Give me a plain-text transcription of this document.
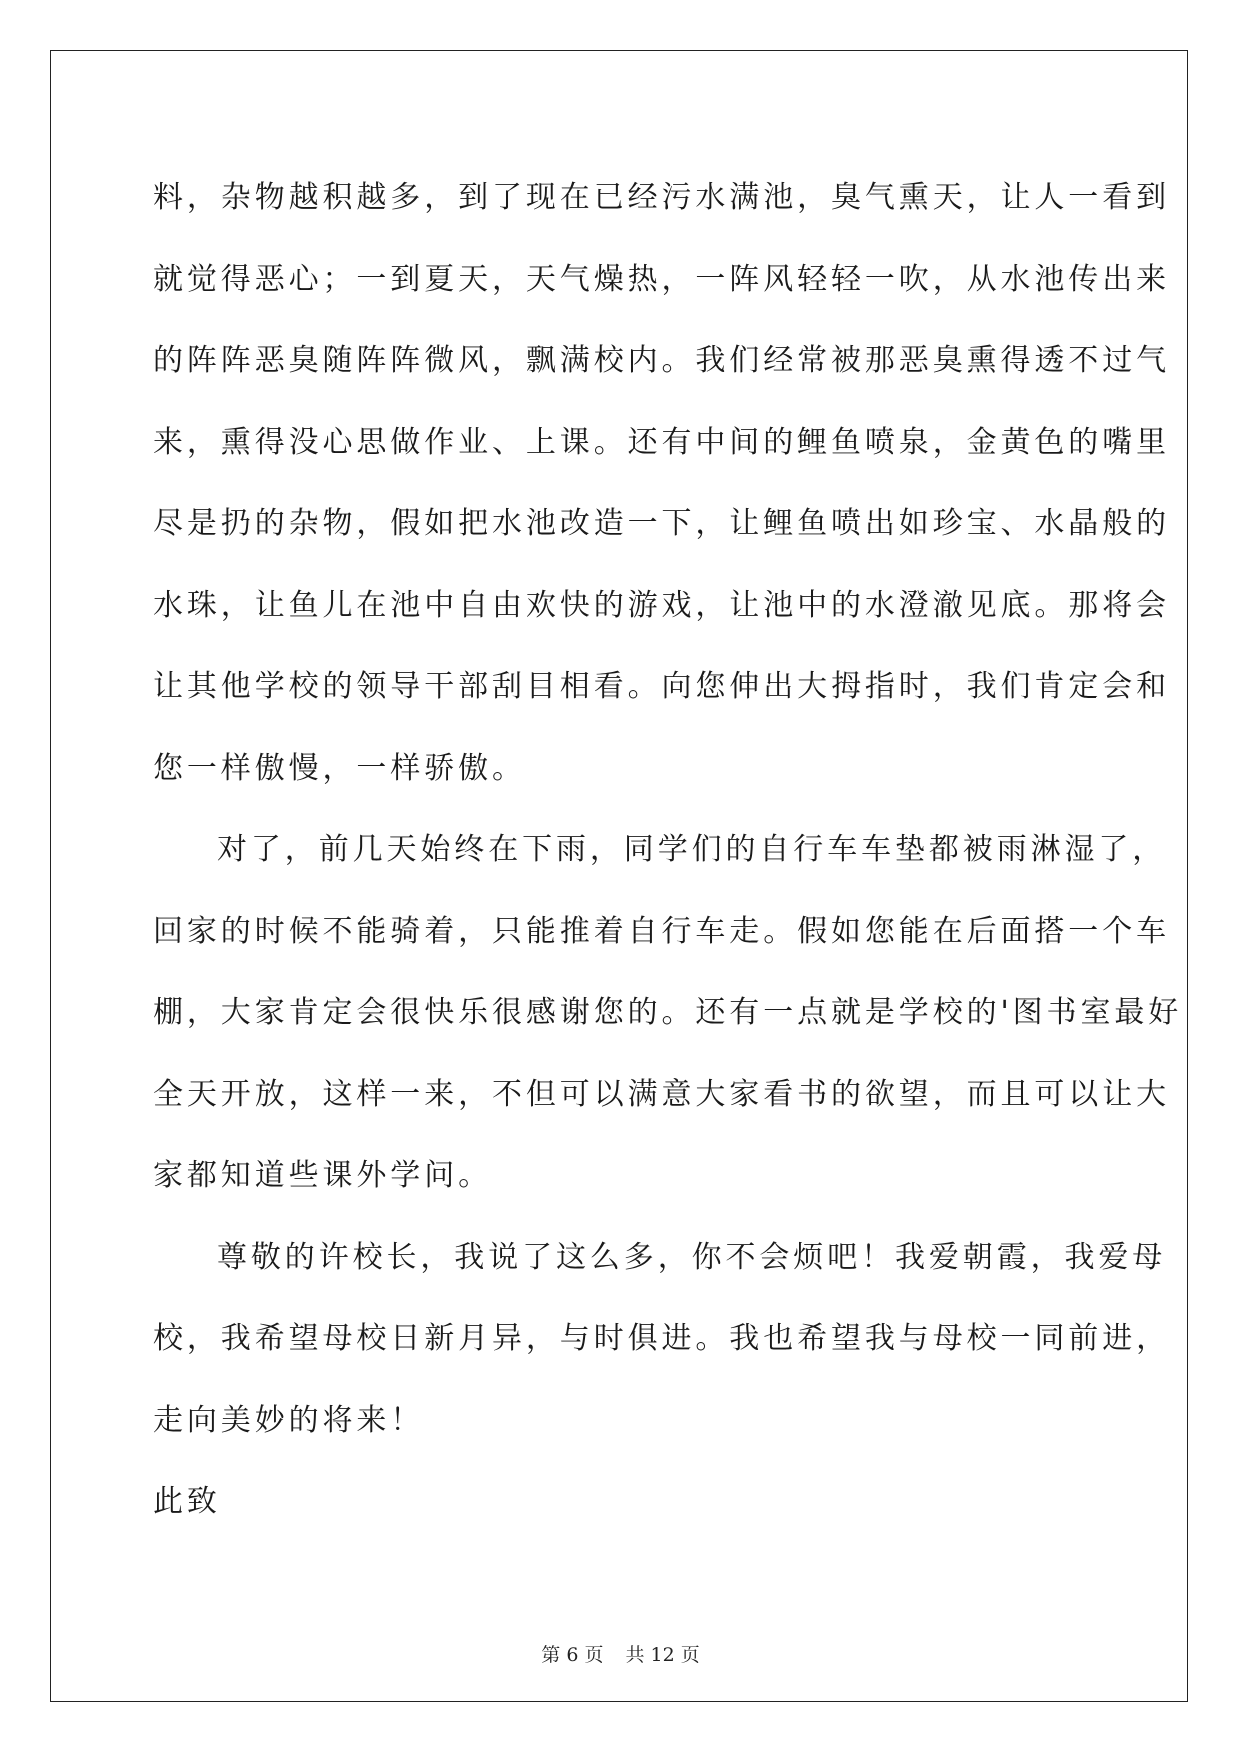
料，杂物越积越多，到了现在已经污水满池，臭气熏天，让人一看到
就觉得恶心；一到夏天，天气燥热，一阵风轻轻一吹，从水池传出来
的阵阵恶臭随阵阵微风，飘满校内。我们经常被那恶臭熏得透不过气
来，熏得没心思做作业、上课。还有中间的鲤鱼喷泉，金黄色的嘴里
尽是扔的杂物，假如把水池改造一下，让鲤鱼喷出如珍宝、水晶般的
水珠，让鱼儿在池中自由欢快的游戏，让池中的水澄澈见底。那将会
让其他学校的领导干部刮目相看。向您伸出大拇指时，我们肯定会和
您一样傲慢，一样骄傲。
对了，前几天始终在下雨，同学们的自行车车垫都被雨淋湿了，
回家的时候不能骑着，只能推着自行车走。假如您能在后面搭一个车
棚，大家肯定会很快乐很感谢您的。还有一点就是学校的'图书室最好
全天开放，这样一来，不但可以满意大家看书的欲望，而且可以让大
家都知道些课外学问。
尊敬的许校长，我说了这么多，你不会烦吧！我爱朝霞，我爱母
校，我希望母校日新月异，与时俱进。我也希望我与母校一同前进，
走向美妙的将来！
此致
第 6 页 共 12 页
